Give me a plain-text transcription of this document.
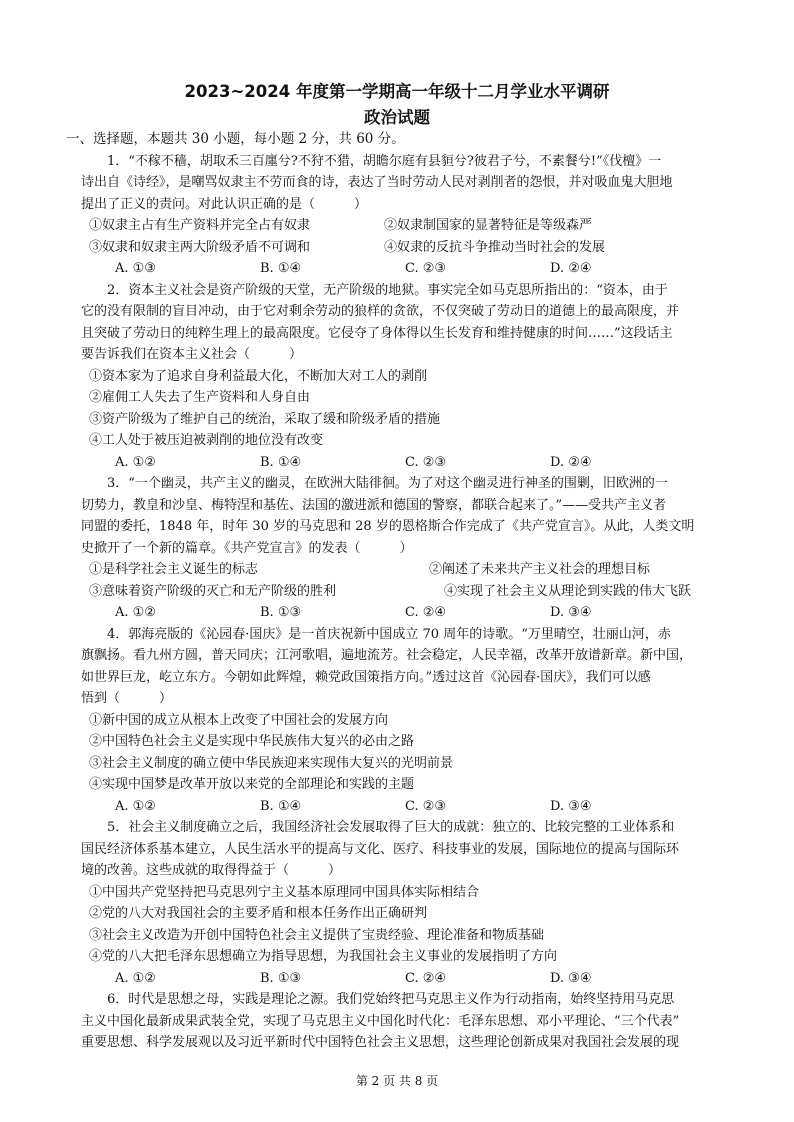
2023~2024 年度第一学期高一年级十二月学业水平调研
政治试题
一、选择题，本题共 30 小题，每小题 2 分，共 60 分。
1．“不稼不穑，胡取禾三百廛兮?不狩不猎，胡瞻尔庭有县貆兮?彼君子兮，不素餐兮!”《伐檀》一
诗出自《诗经》，是嘲骂奴隶主不劳而食的诗，表达了当时劳动人民对剥削者的怨恨，并对吸血鬼大胆地
提出了正义的责问。对此认识正确的是（　　　）
①奴隶主占有生产资料并完全占有奴隶	②奴隶制国家的显著特征是等级森严
③奴隶和奴隶主两大阶级矛盾不可调和	④奴隶的反抗斗争推动当时社会的发展
A. ①③	B. ①④	C. ②③	D. ②④
2．资本主义社会是资产阶级的天堂，无产阶级的地狱。事实完全如马克思所指出的：“资本，由于
它的没有限制的盲目冲动，由于它对剩余劳动的狼样的贪欲，不仅突破了劳动日的道德上的最高限度，并
且突破了劳动日的纯粹生理上的最高限度。它侵夺了身体得以生长发育和维持健康的时间……”这段话主
要告诉我们在资本主义社会（　　　）
①资本家为了追求自身利益最大化，不断加大对工人的剥削
②雇佣工人失去了生产资料和人身自由
③资产阶级为了维护自己的统治，采取了缓和阶级矛盾的措施
④工人处于被压迫被剥削的地位没有改变
A. ①②	B. ①④	C. ②③	D. ②④
3．“一个幽灵，共产主义的幽灵，在欧洲大陆徘徊。为了对这个幽灵进行神圣的围剿，旧欧洲的一
切势力，教皇和沙皇、梅特涅和基佐、法国的激进派和德国的警察，都联合起来了。”——受共产主义者
同盟的委托，1848 年，时年 30 岁的马克思和 28 岁的恩格斯合作完成了《共产党宣言》。从此，人类文明
史掀开了一个新的篇章。《共产党宣言》的发表（　　　）
①是科学社会主义诞生的标志	②阐述了未来共产主义社会的理想目标
③意味着资产阶级的灭亡和无产阶级的胜利	④实现了社会主义从理论到实践的伟大飞跃
A. ①②	B. ①③	C. ②④	D. ③④
4．郭海亮版的《沁园春·国庆》是一首庆祝新中国成立 70 周年的诗歌。“万里晴空，壮丽山河，赤
旗飘扬。看九州方圆，普天同庆；江河歌唱，遍地流芳。社会稳定，人民幸福，改革开放谱新章。新中国，
如世界巨龙，屹立东方。今朝如此辉煌，赖党政国策指方向。”透过这首《沁园春·国庆》，我们可以感
悟到（　　　）
①新中国的成立从根本上改变了中国社会的发展方向
②中国特色社会主义是实现中华民族伟大复兴的必由之路
③社会主义制度的确立使中华民族迎来实现伟大复兴的光明前景
④实现中国梦是改革开放以来党的全部理论和实践的主题
A. ①②	B. ①④	C. ②③	D. ③④
5．社会主义制度确立之后，我国经济社会发展取得了巨大的成就：独立的、比较完整的工业体系和
国民经济体系基本建立，人民生活水平的提高与文化、医疗、科技事业的发展，国际地位的提高与国际环
境的改善。这些成就的取得得益于（　　　）
①中国共产党坚持把马克思列宁主义基本原理同中国具体实际相结合
②党的八大对我国社会的主要矛盾和根本任务作出正确研判
③社会主义改造为开创中国特色社会主义提供了宝贵经验、理论准备和物质基础
④党的八大把毛泽东思想确立为指导思想，为我国社会主义事业的发展指明了方向
A. ①②	B. ①③	C. ②④	D. ③④
6．时代是思想之母，实践是理论之源。我们党始终把马克思主义作为行动指南，始终坚持用马克思
主义中国化最新成果武装全党，实现了马克思主义中国化时代化：毛泽东思想、邓小平理论、“三个代表”
重要思想、科学发展观以及习近平新时代中国特色社会主义思想，这些理论创新成果对我国社会发展的现
第 2 页 共 8 页
